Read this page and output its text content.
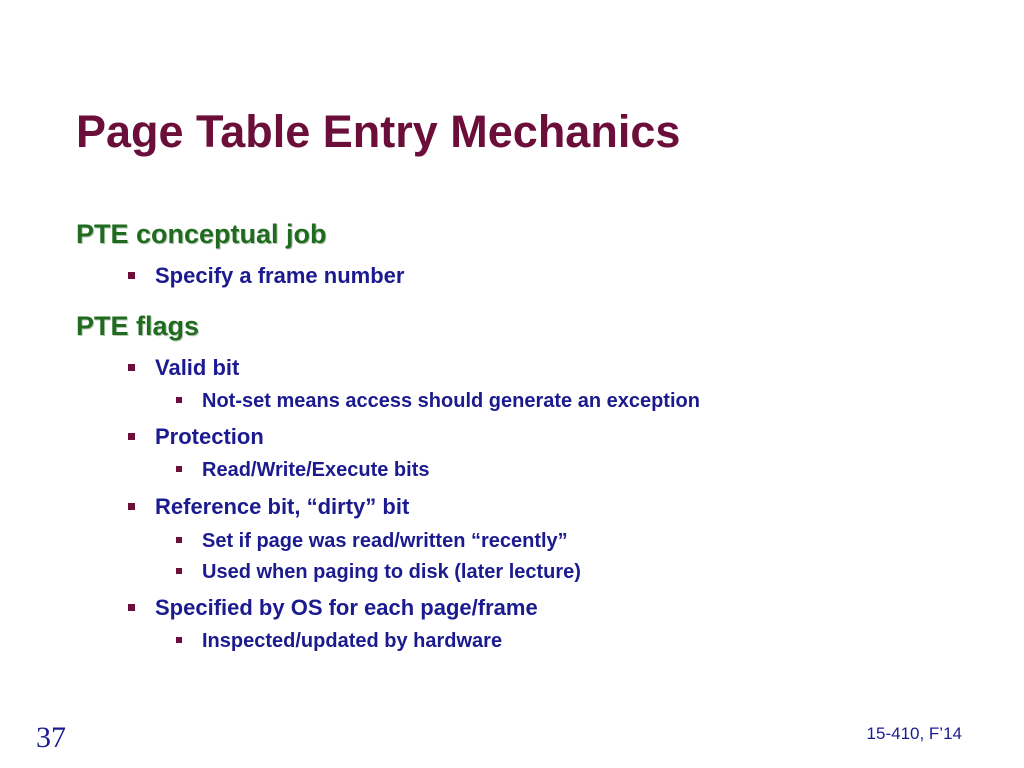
Page Table Entry Mechanics
PTE conceptual job
Specify a frame number
PTE flags
Valid bit
Not-set means access should generate an exception
Protection
Read/Write/Execute bits
Reference bit, “dirty” bit
Set if page was read/written “recently”
Used when paging to disk (later lecture)
Specified by OS for each page/frame
Inspected/updated by hardware
37	15-410, F’14
